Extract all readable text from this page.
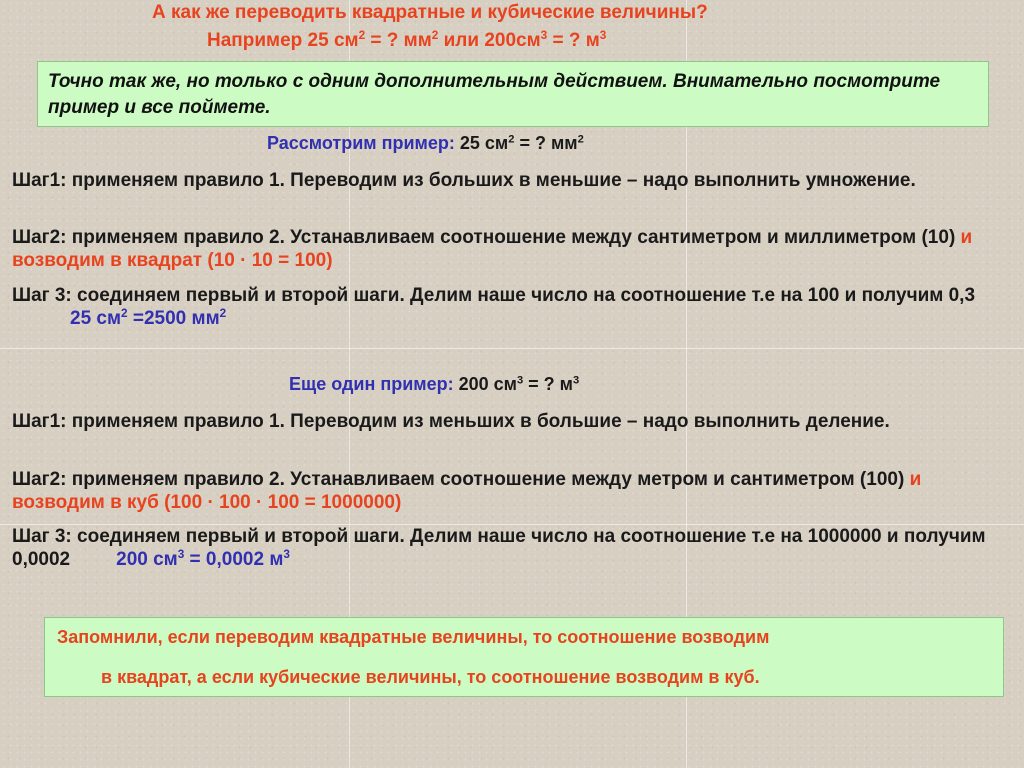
А как же переводить квадратные и кубические величины?
Например 25 $см^2$ = ? $мм^2$ или $200см^3$ = ? $м^3$
Точно так же, но только с одним дополнительным действием. Внимательно посмотрите пример и все поймете.
Рассмотрим пример: 25 $см^2$ = ? $мм^2$
Шаг1: применяем правило 1. Переводим из больших в меньшие – надо выполнить умножение.
Шаг2: применяем правило 2. Устанавливаем соотношение между сантиметром и миллиметром (10) и возводим в квадрат (10 · 10 = 100)
Шаг 3: соединяем первый и второй шаги. Делим наше число на соотношение т.е на 100 и получим 0,325 $см^2 =2500$ $мм^2$
Еще один пример: 200 $см^3$ = ? $м^3$
Шаг1: применяем правило 1. Переводим из меньших в большие – надо выполнить деление.
Шаг2: применяем правило 2. Устанавливаем соотношение между метром и сантиметром (100) и возводим в куб (100 · 100 · 100 = 1000000)
Шаг 3: соединяем первый и второй шаги. Делим наше число на соотношение т.е на 1000000 и получим 0,0002 200 $см^3 = 0,0002$ $м^3$
Запомнили, если переводим квадратные величины, то соотношение возводим
в квадрат, а если кубические величины, то соотношение возводим в куб.
